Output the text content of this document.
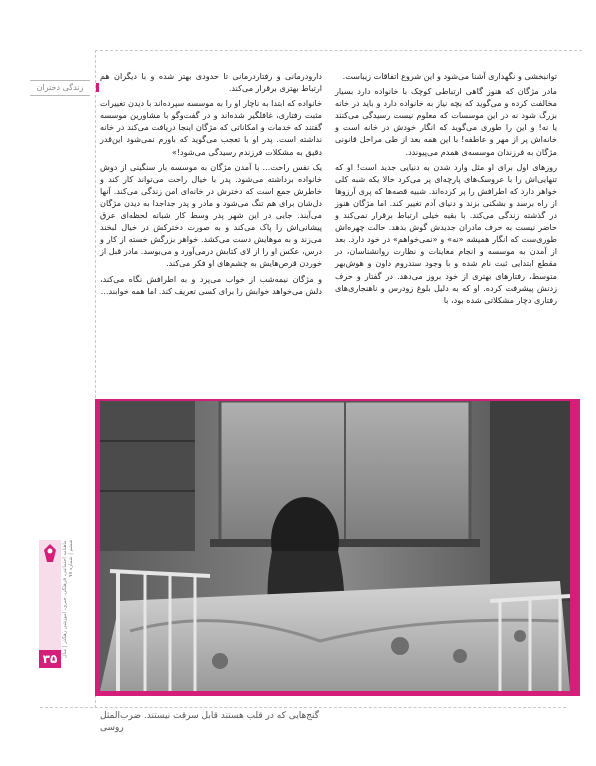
زندگی دختران

توانبخشی و نگهداری آشنا می‌شود و این شروع اتفاقات زیباست.

مادر مژگان که هنوز گاهی ارتباطی کوچک با خانواده دارد بسیار مخالفت کرده و می‌گوید که بچه نیاز به خانواده دارد و باید در خانه بزرگ شود نه در این موسسات که معلوم نیست رسیدگی می‌کنند یا نه! و این را طوری می‌گوید که انگار خودش در خانه است و خانه‌اش پر از مهر و عاطفه! با این همه بعد از طی مراحل قانونی مژگان به فرزندان موسسه‌ی همدم می‌پیوندد.

روزهای اول برای او مثل وارد شدن به دنیایی جدید است! او که تنهایی‌اش را با عروسک‌های پارچه‌ای پر می‌کرد حالا یکه شبه کلی خواهر دارد که اطرافش را پر کرده‌اند. شبیه قصه‌ها که پری آرزوها از راه برسد و بشکنی بزند و دنیای آدم تغییر کند. اما مژگان هنوز در گذشته زندگی می‌کند. با بقیه خیلی ارتباط برقرار نمی‌کند و حاضر نیست به حرف مادران جدیدش گوش بدهد. حالت چهره‌اش طوری‌ست که انگار همیشه «نه» و «نمی‌خواهم» در خود دارد. بعد از آمدن به موسسه و انجام معاینات و نظارت روانشناسان، در مقطع ابتدایی ثبت نام شده و با وجود ستدروم داون و هوش‌بهر متوسط، رفتارهای بهتری از خود بروز می‌دهد. در گفتار و حرف زدنش پیشرفت کرده. او که به دلیل بلوغ زودرس و ناهنجاری‌های رفتاری دچار مشکلاتی شده بود، با

دارودرمانی و رفتاردرمانی تا حدودی بهتر شده و با دیگران هم ارتباط بهتری برقرار می‌کند.

خانواده که ابتدا به ناچار او را به موسسه سپرده‌اند با دیدن تغییرات مثبت رفتاری، غافلگیر شده‌اند و در گفت‌وگو با مشاورین موسسه گفتند که خدمات و امکاناتی که مژگان اینجا دریافت می‌کند در خانه نداشته است. پدر او با تعجب می‌گوید که باورم نمی‌شود این‌قدر دقیق به مشکلات فرزندم رسیدگی می‌شود!»

یک نفس راحت... با آمدن مژگان به موسسه بار سنگینی از دوش خانواده برداشته می‌شود. پدر با خیال راحت می‌تواند کار کند و خاطرش جمع است که دخترش در خانه‌ای امن زندگی می‌کند. آنها دل‌شان برای هم تنگ می‌شود و مادر و پدر جداجدا به دیدن مژگان می‌آیند. جایی در این شهر پدر وسط کار شبانه لحظه‌ای عرق پیشانی‌اش را پاک می‌کند و به صورت دخترکش در خیال لبخند می‌زند و به موهایش دست می‌کشد. خواهر بزرگش خسته از کار و درس، عکس او را از لای کتابش درمی‌آورد و می‌بوسد. مادر قبل از خوردن قرص‌هایش به چشم‌های او فکر می‌کند.

و مژگان نیمه‌شب از خواب می‌پرد و به اطرافش نگاه می‌کند، دلش می‌خواهد خوابش را برای کسی تعریف کند. اما همه خوابند...

ماهنامه اجتماعی، فرهنگی، خبری، آموزشی رهگذر | سال ششم | شماره ۷۸
۳۵
گنج‌هایی که در قلب هستند قابل سرقت نیستند. ضرب‌المثل روسی
